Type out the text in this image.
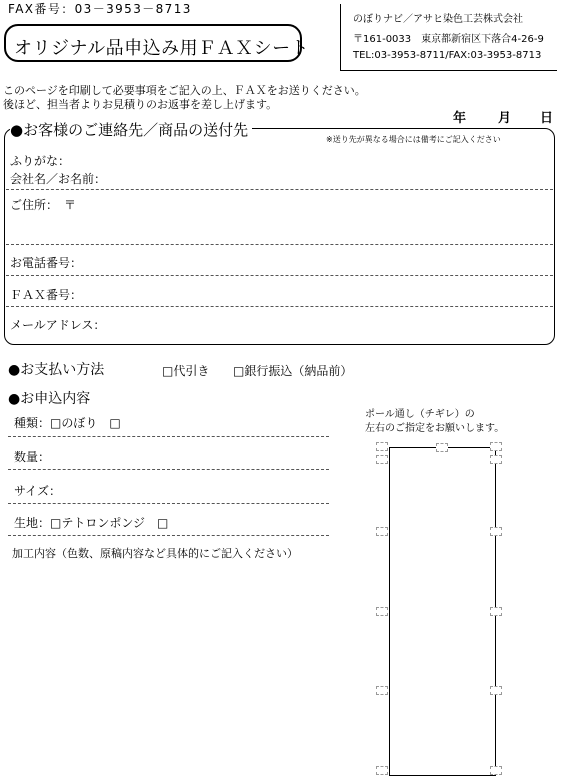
FAX番号：03－3953－8713
オリジナル品申込み用ＦＡＸシート
のぼりナビ／アサヒ染色工芸株式会社
〒161-0033　東京都新宿区下落合4-26-9
TEL:03-3953-8711/FAX:03-3953-8713
このページを印刷して必要事項をご記入の上、ＦＡＸをお送りください。
後ほど、担当者よりお見積りのお返事を差し上げます。
年 月 日
●お客様のご連絡先／商品の送付先
※送り先が異なる場合には備考にご記入ください
ふりがな：
会社名／お名前：
ご住所：　〒
お電話番号：
ＦＡＸ番号：
メールアドレス：
●お支払い方法	□代引き □銀行振込（納品前）
●お申込内容
種類：□のぼり　□
数量：
サイズ：
生地：□テトロンポンジ　□
加工内容（色数、原稿内容など具体的にご記入ください）
ポール通し（チギレ）の
左右のご指定をお願いします。
